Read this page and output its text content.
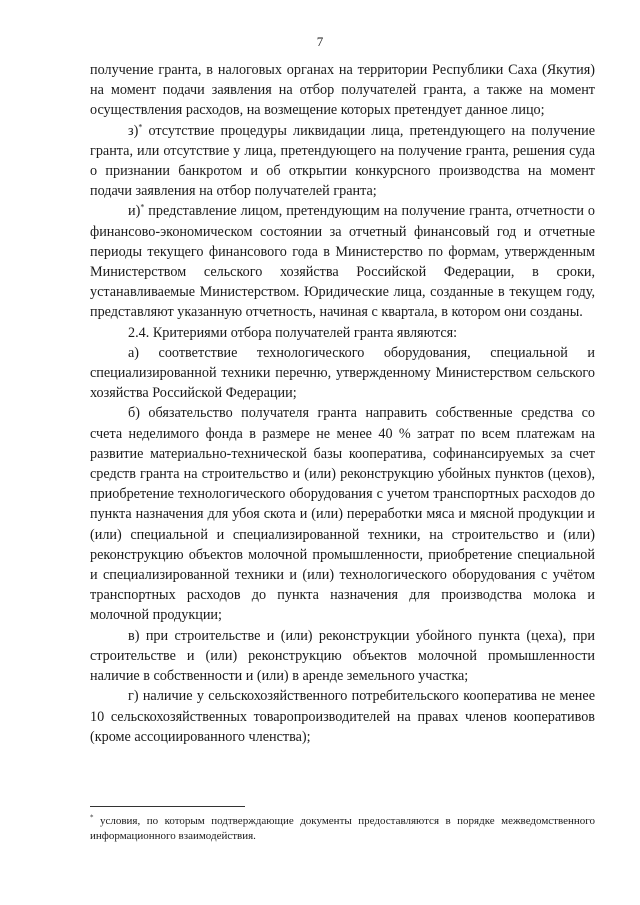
7

получение гранта, в налоговых органах на территории Республики Саха (Якутия) на момент подачи заявления на отбор получателей гранта, а также на момент осуществления расходов, на возмещение которых претендует данное лицо;

з)* отсутствие процедуры ликвидации лица, претендующего на получение гранта, или отсутствие у лица, претендующего на получение гранта, решения суда о признании банкротом и об открытии конкурсного производства на момент подачи заявления на отбор получателей гранта;

и)* представление лицом, претендующим на получение гранта, отчетности о финансово-экономическом состоянии за отчетный финансовый год и отчетные периоды текущего финансового года в Министерство по формам, утвержденным Министерством сельского хозяйства Российской Федерации, в сроки, устанавливаемые Министерством. Юридические лица, созданные в текущем году, представляют указанную отчетность, начиная с квартала, в котором они созданы.

2.4. Критериями отбора получателей гранта являются:

а) соответствие технологического оборудования, специальной и специализированной техники перечню, утвержденному Министерством сельского хозяйства Российской Федерации;

б) обязательство получателя гранта направить собственные средства со счета неделимого фонда в размере не менее 40 % затрат по всем платежам на развитие материально-технической базы кооператива, софинансируемых за счет средств гранта на строительство и (или) реконструкцию убойных пунктов (цехов), приобретение технологического оборудования с учетом транспортных расходов до пункта назначения для убоя скота и (или) переработки мяса и мясной продукции и (или) специальной и специализированной техники, на строительство и (или) реконструкцию объектов молочной промышленности, приобретение специальной и специализированной техники и (или) технологического оборудования с учётом транспортных расходов до пункта назначения для производства молока и молочной продукции;

в) при строительстве и (или) реконструкции убойного пункта (цеха), при строительстве и (или) реконструкцию объектов молочной промышленности наличие в собственности и (или) в аренде земельного участка;

г) наличие у сельскохозяйственного потребительского кооператива не менее 10 сельскохозяйственных товаропроизводителей на правах членов кооперативов (кроме ассоциированного членства);

* условия, по которым подтверждающие документы предоставляются в порядке межведомственного информационного взаимодействия.
